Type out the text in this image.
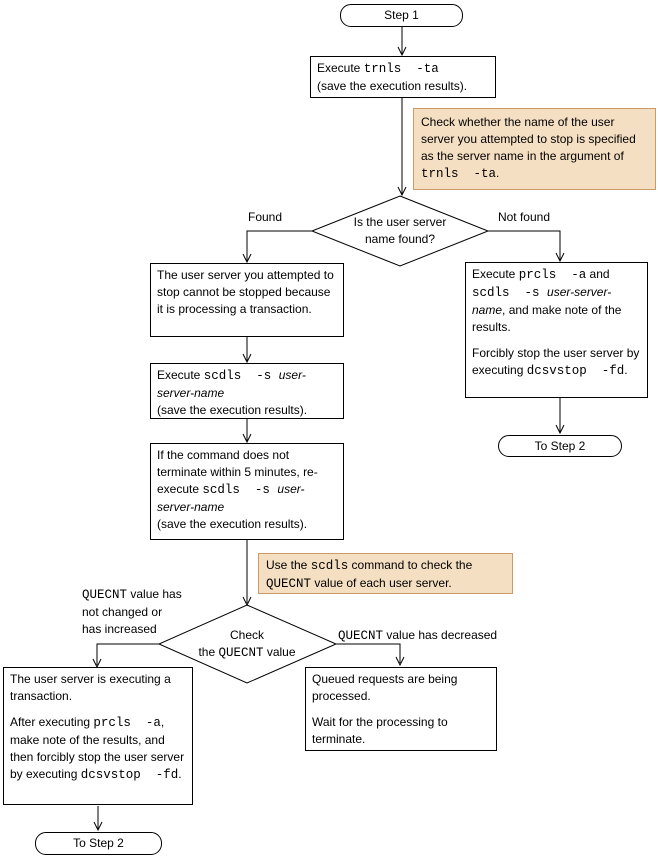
Step 1
Execute trnls  -ta
(save the execution results).
Check whether the name of the user server you attempted to stop is specified as the server name in the argument of trnls  -ta.
Is the user server
name found?
Found	Not found
The user server you attempted to stop cannot be stopped because it is processing a transaction.
Execute scdls  -s user-
server-name
(save the execution results).
If the command does not terminate within 5 minutes, re-execute scdls  -s user-
server-name
(save the execution results).
Use the scdls command to check the QUECNT value of each user server.
Execute prcls  -a and scdls  -s user-server-name, and make note of the results.
Forcibly stop the user server by executing dcsvstop  -fd.
To Step 2
Check
the QUECNT value
QUECNT value has
not changed or
has increased	QUECNT value has decreased
The user server is executing a transaction.
After executing prcls  -a, make note of the results, and then forcibly stop the user server by executing dcsvstop  -fd.
Queued requests are being processed.
Wait for the processing to terminate.
To Step 2
